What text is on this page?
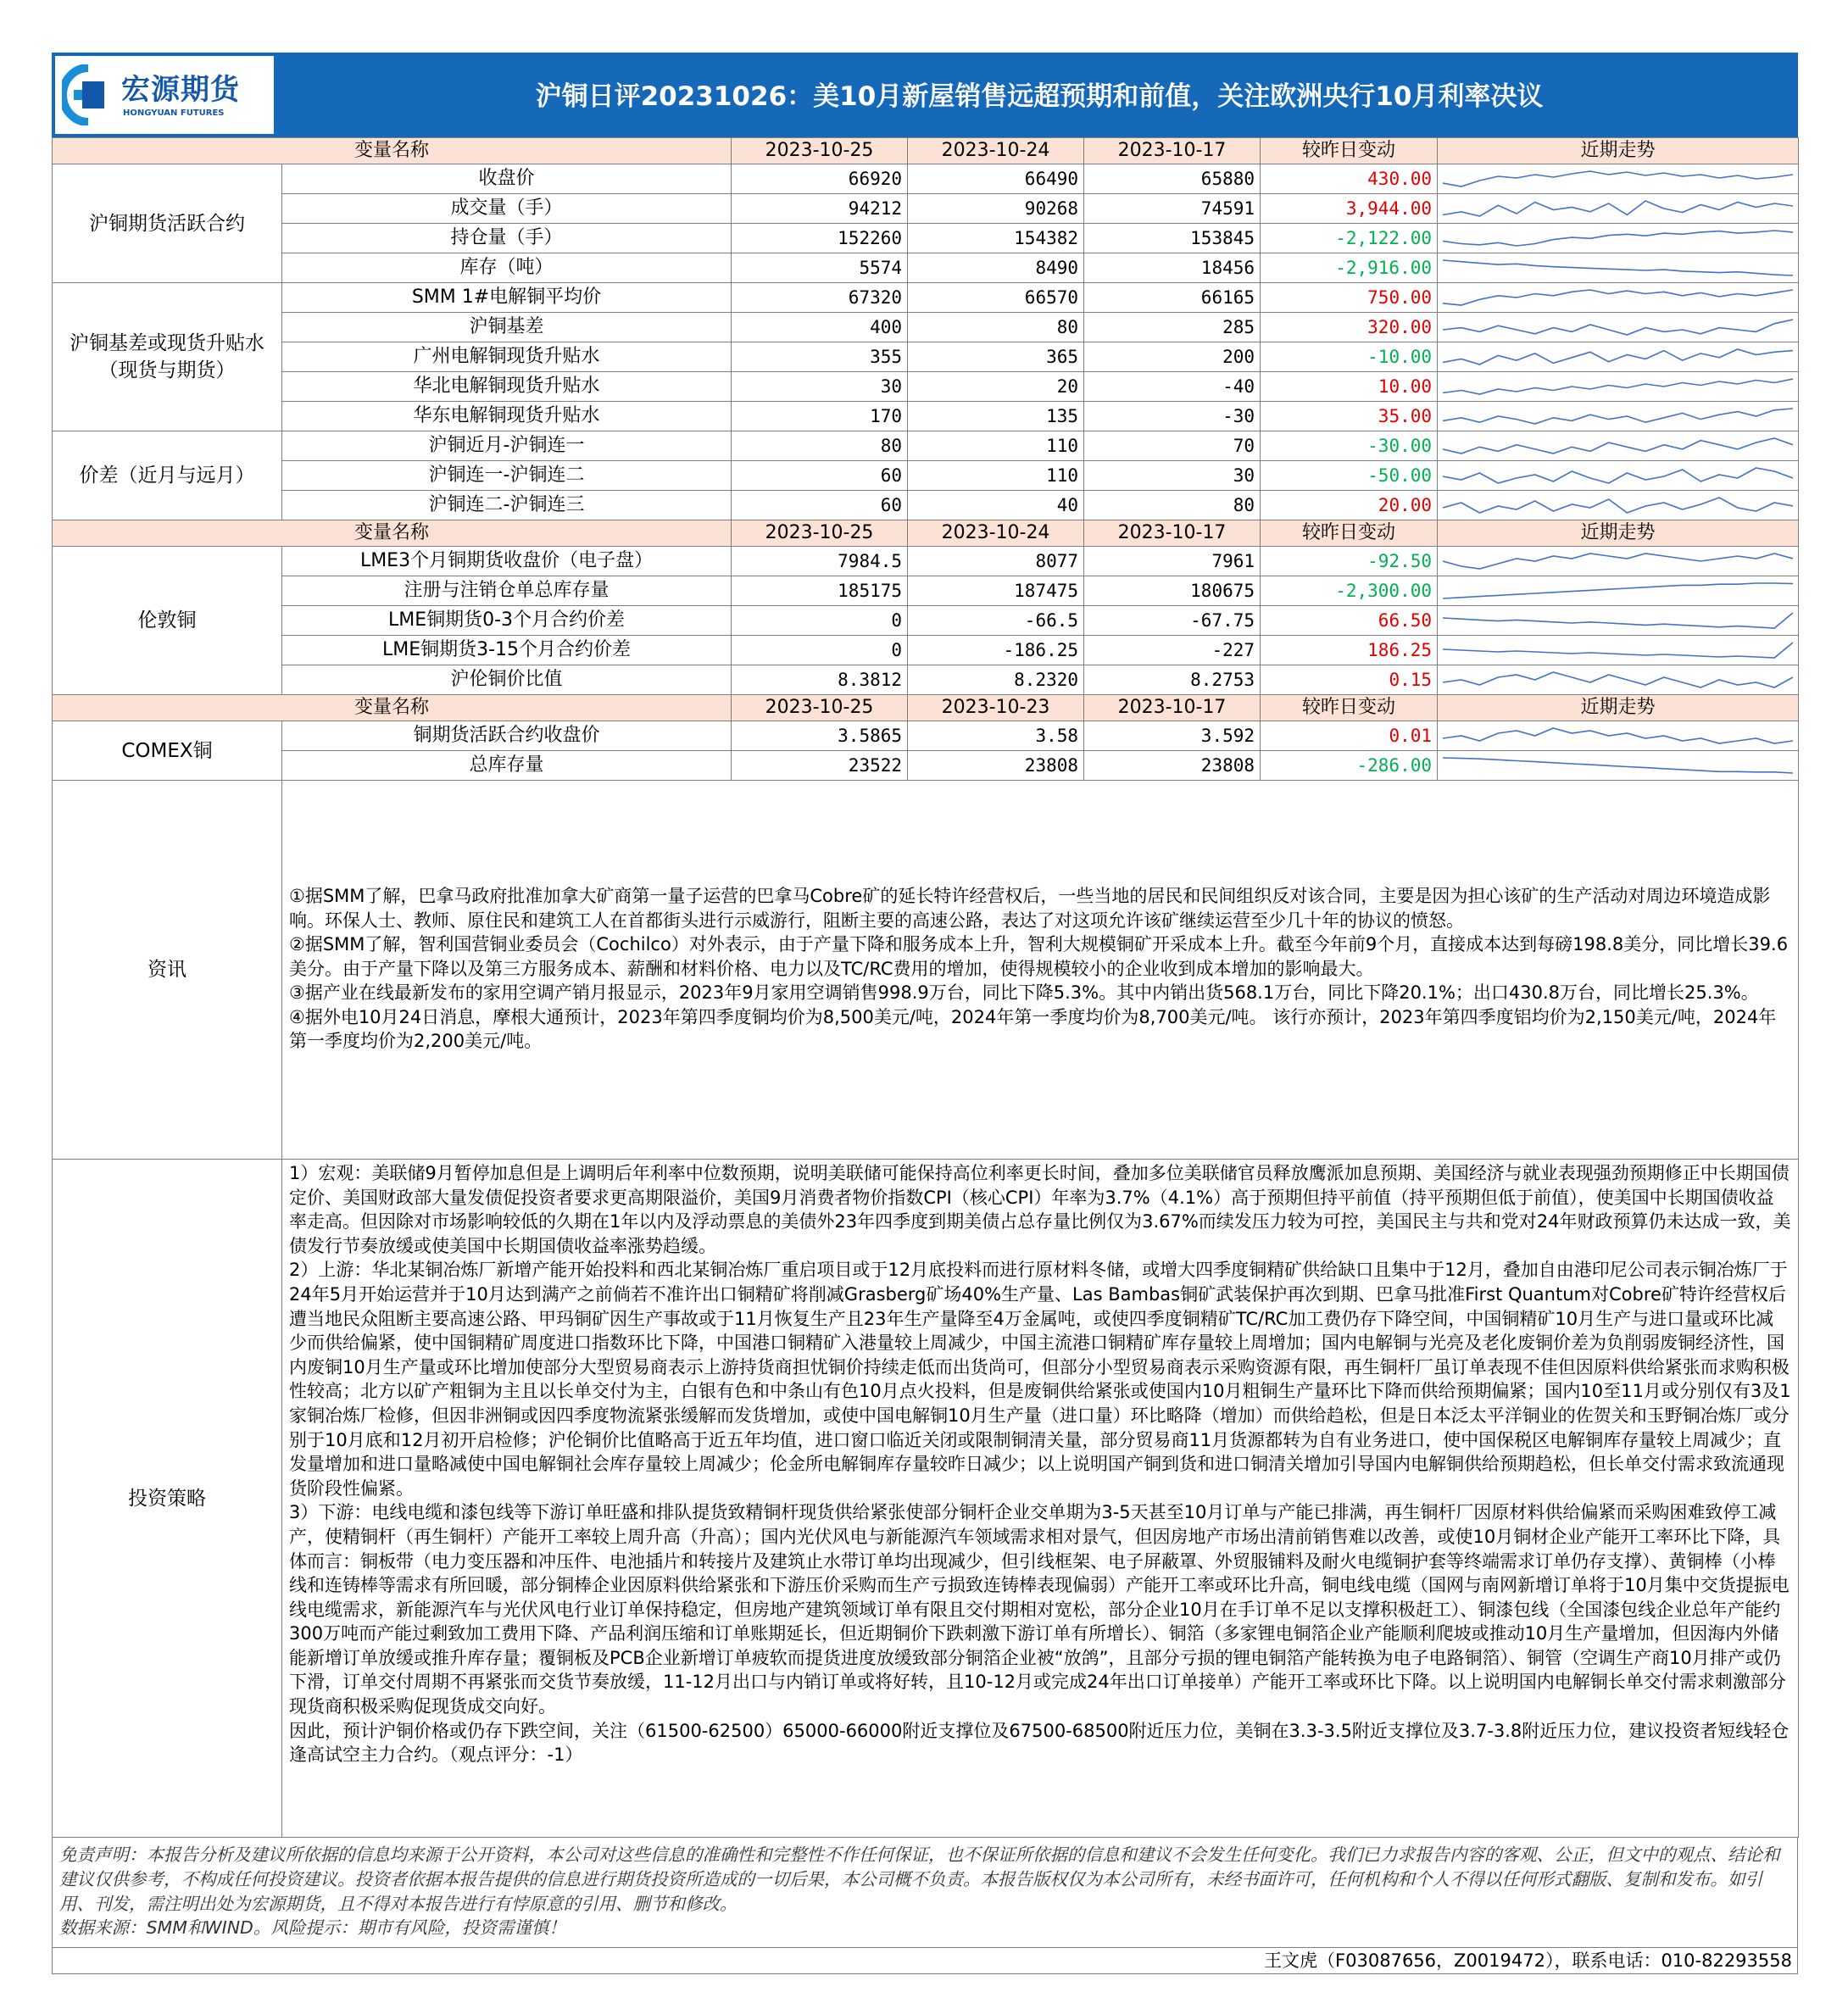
宏源期货
HONGYUAN FUTURES
沪铜日评20231026：美10月新屋销售远超预期和前值，关注欧洲央行10月利率决议
变量名称		2023-10-25	2023-10-24	2023-10-17	较昨日变动	近期走势
沪铜期货活跃合约	收盘价	66920	66490	65880	430.00	

	成交量（手）	94212	90268	74591	3,944.00	

	持仓量（手）	152260	154382	153845	-2,122.00	

	库存（吨）	5574	8490	18456	-2,916.00	

沪铜基差或现货升贴水（现货与期货）	SMM 1#电解铜平均价	67320	66570	66165	750.00	

	沪铜基差	400	80	285	320.00	

	广州电解铜现货升贴水	355	365	200	-10.00	

	华北电解铜现货升贴水	30	20	-40	10.00	

	华东电解铜现货升贴水	170	135	-30	35.00	

价差（近月与远月）	沪铜近月-沪铜连一	80	110	70	-30.00	

	沪铜连一-沪铜连二	60	110	30	-50.00	

	沪铜连二-沪铜连三	60	40	80	20.00	

变量名称		2023-10-25	2023-10-24	2023-10-17	较昨日变动	近期走势
伦敦铜	LME3个月铜期货收盘价（电子盘）	7984.5	8077	7961	-92.50	

	注册与注销仓单总库存量	185175	187475	180675	-2,300.00	

	LME铜期货0-3个月合约价差	0	-66.5	-67.75	66.50	

	LME铜期货3-15个月合约价差	0	-186.25	-227	186.25	

	沪伦铜价比值	8.3812	8.2320	8.2753	0.15	

变量名称		2023-10-25	2023-10-23	2023-10-17	较昨日变动	近期走势
COMEX铜	铜期货活跃合约收盘价	3.5865	3.58	3.592	0.01	

	总库存量	23522	23808	23808	-286.00	

资讯	①据SMM了解，巴拿马政府批准加拿大矿商第一量子运营的巴拿马Cobre矿的延长特许经营权后，一些当地的居民和民间组织反对该合同，主要是因为担心该矿的生产活动对周边环境造成影响。环保人士、教师、原住民和建筑工人在首都街头进行示威游行，阻断主要的高速公路，表达了对这项允许该矿继续运营至少几十年的协议的愤怒。

②据SMM了解，智利国营铜业委员会（Cochilco）对外表示，由于产量下降和服务成本上升，智利大规模铜矿开采成本上升。截至今年前9个月，直接成本达到每磅198.8美分，同比增长39.6美分。由于产量下降以及第三方服务成本、薪酬和材料价格、电力以及TC/RC费用的增加，使得规模较小的企业收到成本增加的影响最大。

③据产业在线最新发布的家用空调产销月报显示，2023年9月家用空调销售998.9万台，同比下降5.3%。其中内销出货568.1万台，同比下降20.1%；出口430.8万台，同比增长25.3%。

④据外电10月24日消息，摩根大通预计，2023年第四季度铜均价为8,500美元/吨，2024年第一季度均价为8,700美元/吨。 该行亦预计，2023年第四季度铝均价为2,150美元/吨，2024年第一季度均价为2,200美元/吨。					

投资策略	1）宏观：美联储9月暂停加息但是上调明后年利率中位数预期，说明美联储可能保持高位利率更长时间，叠加多位美联储官员释放鹰派加息预期、美国经济与就业表现强劲预期修正中长期国债定价、美国财政部大量发债促投资者要求更高期限溢价，美国9月消费者物价指数CPI（核心CPI）年率为3.7%（4.1%）高于预期但持平前值（持平预期但低于前值），使美国中长期国债收益率走高。但因除对市场影响较低的久期在1年以内及浮动票息的美债外23年四季度到期美债占总存量比例仅为3.67%而续发压力较为可控，美国民主与共和党对24年财政预算仍未达成一致，美债发行节奏放缓或使美国中长期国债收益率涨势趋缓。

2）上游：华北某铜冶炼厂新增产能开始投料和西北某铜冶炼厂重启项目或于12月底投料而进行原材料冬储，或增大四季度铜精矿供给缺口且集中于12月，叠加自由港印尼公司表示铜冶炼厂于24年5月开始运营并于10月达到满产之前倘若不准许出口铜精矿将削减Grasberg矿场40%生产量、Las Bambas铜矿武装保护再次到期、巴拿马批准First Quantum对Cobre矿特许经营权后遭当地民众阻断主要高速公路、甲玛铜矿因生产事故或于11月恢复生产且23年生产量降至4万金属吨，或使四季度铜精矿TC/RC加工费仍存下降空间，中国铜精矿10月生产与进口量或环比减少而供给偏紧，使中国铜精矿周度进口指数环比下降，中国港口铜精矿入港量较上周减少，中国主流港口铜精矿库存量较上周增加；国内电解铜与光亮及老化废铜价差为负削弱废铜经济性，国内废铜10月生产量或环比增加使部分大型贸易商表示上游持货商担忧铜价持续走低而出货尚可，但部分小型贸易商表示采购资源有限，再生铜杆厂虽订单表现不佳但因原料供给紧张而求购积极性较高；北方以矿产粗铜为主且以长单交付为主，白银有色和中条山有色10月点火投料，但是废铜供给紧张或使国内10月粗铜生产量环比下降而供给预期偏紧；国内10至11月或分别仅有3及1家铜冶炼厂检修，但因非洲铜或因四季度物流紧张缓解而发货增加，或使中国电解铜10月生产量（进口量）环比略降（增加）而供给趋松，但是日本泛太平洋铜业的佐贺关和玉野铜冶炼厂或分别于10月底和12月初开启检修；沪伦铜价比值略高于近五年均值，进口窗口临近关闭或限制铜清关量，部分贸易商11月货源都转为自有业务进口，使中国保税区电解铜库存量较上周减少；直发量增加和进口量略减使中国电解铜社会库存量较上周减少；伦金所电解铜库存量较昨日减少；以上说明国产铜到货和进口铜清关增加引导国内电解铜供给预期趋松，但长单交付需求致流通现货阶段性偏紧。

3）下游：电线电缆和漆包线等下游订单旺盛和排队提货致精铜杆现货供给紧张使部分铜杆企业交单期为3-5天甚至10月订单与产能已排满，再生铜杆厂因原材料供给偏紧而采购困难致停工减产，使精铜杆（再生铜杆）产能开工率较上周升高（升高）；国内光伏风电与新能源汽车领域需求相对景气，但因房地产市场出清前销售难以改善，或使10月铜材企业产能开工率环比下降，具体而言：铜板带（电力变压器和冲压件、电池插片和转接片及建筑止水带订单均出现减少，但引线框架、电子屏蔽罩、外贸服铺料及耐火电缆铜护套等终端需求订单仍存支撑）、黄铜棒（小棒线和连铸棒等需求有所回暖，部分铜棒企业因原料供给紧张和下游压价采购而生产亏损致连铸棒表现偏弱）产能开工率或环比升高，铜电线电缆（国网与南网新增订单将于10月集中交货提振电线电缆需求，新能源汽车与光伏风电行业订单保持稳定，但房地产建筑领域订单有限且交付期相对宽松，部分企业10月在手订单不足以支撑积极赶工）、铜漆包线（全国漆包线企业总年产能约300万吨而产能过剩致加工费用下降、产品利润压缩和订单账期延长，但近期铜价下跌刺激下游订单有所增长）、铜箔（多家锂电铜箔企业产能顺利爬坡或推动10月生产量增加，但因海内外储能新增订单放缓或推升库存量；覆铜板及PCB企业新增订单疲软而提货进度放缓致部分铜箔企业被“放鸽”，且部分亏损的锂电铜箔产能转换为电子电路铜箔）、铜管（空调生产商10月排产或仍下滑，订单交付周期不再紧张而交货节奏放缓，11-12月出口与内销订单或将好转，且10-12月或完成24年出口订单接单）产能开工率或环比下降。以上说明国内电解铜长单交付需求刺激部分现货商积极采购促现货成交向好。

因此，预计沪铜价格或仍存下跌空间，关注（61500-62500）65000-66000附近支撑位及67500-68500附近压力位，美铜在3.3-3.5附近支撑位及3.7-3.8附近压力位，建议投资者短线轻仓逢高试空主力合约。（观点评分：-1）					

免责声明：本报告分析及建议所依据的信息均来源于公开资料，本公司对这些信息的准确性和完整性不作任何保证，也不保证所依据的信息和建议不会发生任何变化。我们已力求报告内容的客观、公正，但文中的观点、结论和建议仅供参考，不构成任何投资建议。投资者依据本报告提供的信息进行期货投资所造成的一切后果，本公司概不负责。本报告版权仅为本公司所有，未经书面许可，任何机构和个人不得以任何形式翻版、复制和发布。如引用、刊发，需注明出处为宏源期货，且不得对本报告进行有悖原意的引用、删节和修改。
数据来源：SMM和WIND。风险提示：期市有风险，投资需谨慎！
王文虎（F03087656，Z0019472），联系电话：010-82293558
